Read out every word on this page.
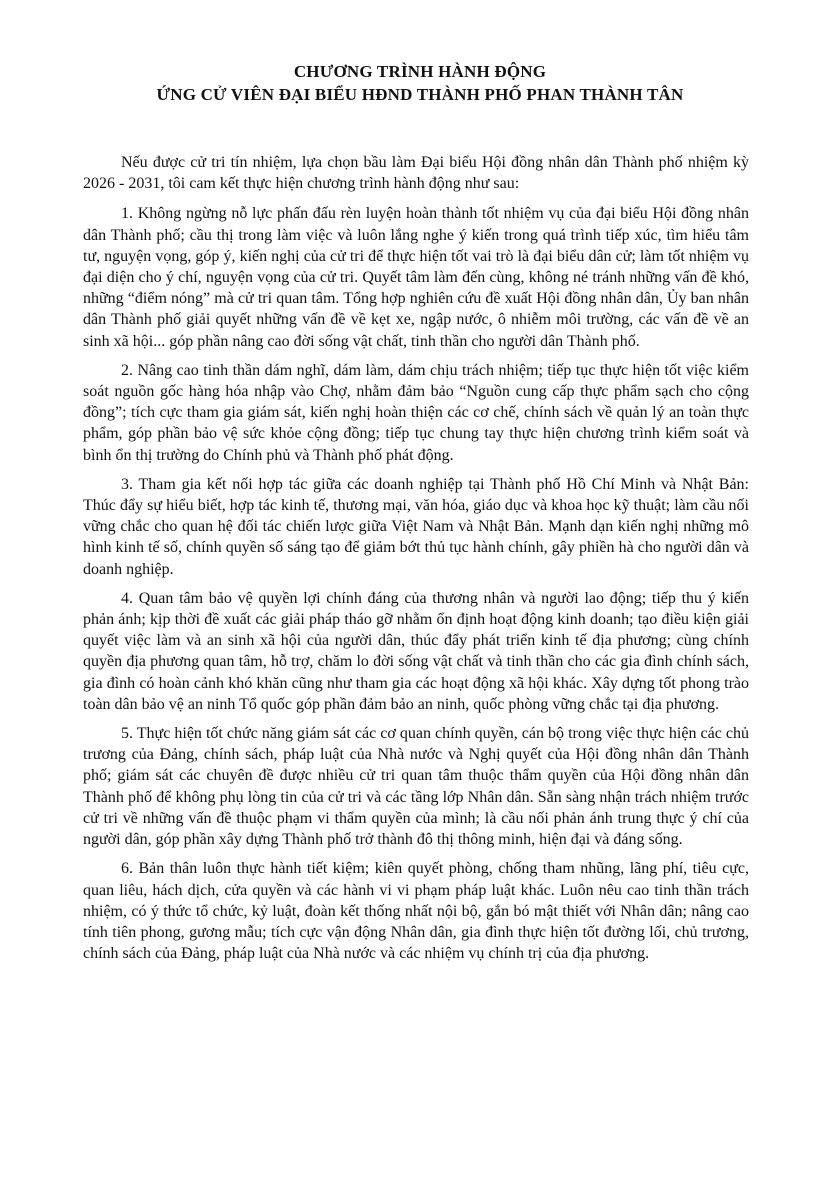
CHƯƠNG TRÌNH HÀNH ĐỘNG
ỨNG CỬ VIÊN ĐẠI BIỂU HĐND THÀNH PHỐ PHAN THÀNH TÂN

Nếu được cử tri tín nhiệm, lựa chọn bầu làm Đại biểu Hội đồng nhân dân Thành phố nhiệm kỳ 2026 - 2031, tôi cam kết thực hiện chương trình hành động như sau:

1. Không ngừng nỗ lực phấn đấu rèn luyện hoàn thành tốt nhiệm vụ của đại biểu Hội đồng nhân dân Thành phố; cầu thị trong làm việc và luôn lắng nghe ý kiến trong quá trình tiếp xúc, tìm hiểu tâm tư, nguyện vọng, góp ý, kiến nghị của cử tri để thực hiện tốt vai trò là đại biểu dân cử; làm tốt nhiệm vụ đại diện cho ý chí, nguyện vọng của cử tri. Quyết tâm làm đến cùng, không né tránh những vấn đề khó, những “điểm nóng” mà cử tri quan tâm. Tổng hợp nghiên cứu đề xuất Hội đồng nhân dân, Ủy ban nhân dân Thành phố giải quyết những vấn đề về kẹt xe, ngập nước, ô nhiễm môi trường, các vấn đề về an sinh xã hội... góp phần nâng cao đời sống vật chất, tinh thần cho người dân Thành phố.

2. Nâng cao tinh thần dám nghĩ, dám làm, dám chịu trách nhiệm; tiếp tục thực hiện tốt việc kiểm soát nguồn gốc hàng hóa nhập vào Chợ, nhằm đảm bảo “Nguồn cung cấp thực phẩm sạch cho cộng đồng”; tích cực tham gia giám sát, kiến nghị hoàn thiện các cơ chế, chính sách về quản lý an toàn thực phẩm, góp phần bảo vệ sức khỏe cộng đồng; tiếp tục chung tay thực hiện chương trình kiểm soát và bình ổn thị trường do Chính phủ và Thành phố phát động.

3. Tham gia kết nối hợp tác giữa các doanh nghiệp tại Thành phố Hồ Chí Minh và Nhật Bản: Thúc đẩy sự hiểu biết, hợp tác kinh tế, thương mại, văn hóa, giáo dục và khoa học kỹ thuật; làm cầu nối vững chắc cho quan hệ đối tác chiến lược giữa Việt Nam và Nhật Bản. Mạnh dạn kiến nghị những mô hình kinh tế số, chính quyền số sáng tạo để giảm bớt thủ tục hành chính, gây phiền hà cho người dân và doanh nghiệp.

4. Quan tâm bảo vệ quyền lợi chính đáng của thương nhân và người lao động; tiếp thu ý kiến phản ánh; kịp thời đề xuất các giải pháp tháo gỡ nhằm ổn định hoạt động kinh doanh; tạo điều kiện giải quyết việc làm và an sinh xã hội của người dân, thúc đẩy phát triển kinh tế địa phương; cùng chính quyền địa phương quan tâm, hỗ trợ, chăm lo đời sống vật chất và tinh thần cho các gia đình chính sách, gia đình có hoàn cảnh khó khăn cũng như tham gia các hoạt động xã hội khác. Xây dựng tốt phong trào toàn dân bảo vệ an ninh Tổ quốc góp phần đảm bảo an ninh, quốc phòng vững chắc tại địa phương.

5. Thực hiện tốt chức năng giám sát các cơ quan chính quyền, cán bộ trong việc thực hiện các chủ trương của Đảng, chính sách, pháp luật của Nhà nước và Nghị quyết của Hội đồng nhân dân Thành phố; giám sát các chuyên đề được nhiều cử tri quan tâm thuộc thẩm quyền của Hội đồng nhân dân Thành phố để không phụ lòng tin của cử tri và các tầng lớp Nhân dân. Sẵn sàng nhận trách nhiệm trước cử tri về những vấn đề thuộc phạm vi thẩm quyền của mình; là cầu nối phản ánh trung thực ý chí của người dân, góp phần xây dựng Thành phố trở thành đô thị thông minh, hiện đại và đáng sống.

6. Bản thân luôn thực hành tiết kiệm; kiên quyết phòng, chống tham nhũng, lãng phí, tiêu cực, quan liêu, hách dịch, cửa quyền và các hành vi vi phạm pháp luật khác. Luôn nêu cao tinh thần trách nhiệm, có ý thức tổ chức, kỷ luật, đoàn kết thống nhất nội bộ, gắn bó mật thiết với Nhân dân; nâng cao tính tiên phong, gương mẫu; tích cực vận động Nhân dân, gia đình thực hiện tốt đường lối, chủ trương, chính sách của Đảng, pháp luật của Nhà nước và các nhiệm vụ chính trị của địa phương.
